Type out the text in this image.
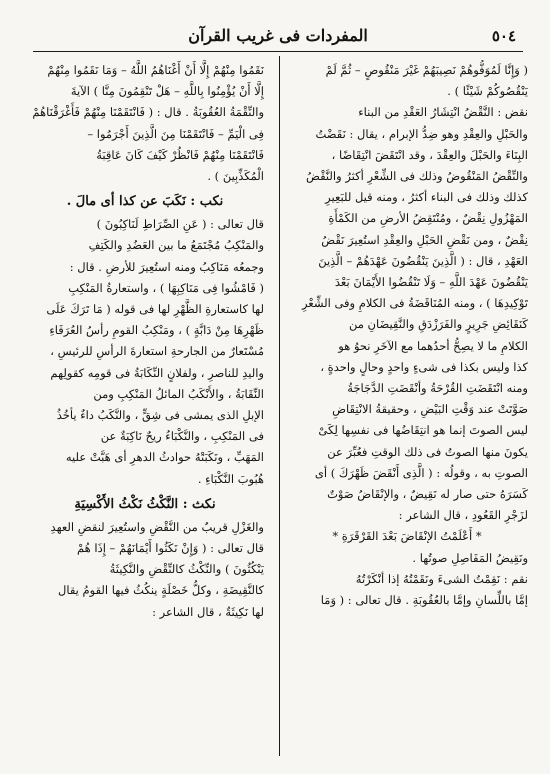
٥٠٤
المفردات فى غريب القرآن

( وَإِنَّا لَمُوَفُّوهُمْ نَصِيبَهُمْ غَيْرَ مَنْقُوصٍ – ثُمَّ لَمْ

يَنْقُصُوكُمْ شَيْئًا ) .

نقض : النَّقْضُ انْتِشَارُ العَقْدِ من البناء

والحَبْلِ والعِقْدِ وهو ضِدُّ الإبرام ، يقال : نَقَضْتُ

البِنَاءَ والحَبْلَ والعِقْدَ ، وقد انْتَقَضَ انْتِقَاضًا ،

والنِّقْضُ المَنْقُوضُ وذلك فى الشِّعْرِ أكثرُ والنَّقْضُ

كذلك وذلك فى البناء أكثرُ ، ومنه قيل للبَعِيرِ

المَهْزُولِ نِقْضٌ ، ومُنْتَقِضُ الأرضِ من الكَمْأَةِ

نِقْضٌ ، ومن نَقْضِ الحَبْلِ والعِقْدِ استُعِيرَ نَقْضُ

العَهْدِ ، قال : ( الَّذِينَ يَنْقُضُونَ عَهْدَهُمْ – الَّذِينَ

يَنْقُضُونَ عَهْدَ اللَّهِ – وَلَا تَنْقُضُوا الأَيْمَانَ بَعْدَ

تَوْكِيدِهَا ) ، ومنه المُنَاقَضَةُ فى الكلامِ وفى الشِّعْرِ

كَنَقَائِضِ جَرِيرٍ والفَرَزْدَقِ والنَّقِيضَانِ من

الكلامِ ما لا يصِحُّ أحدُهما مع الآخَرِ نحوُ هو

كذا وليس بكذا فى شىءٍ واحدٍ وحالٍ واحدةٍ ،

ومنه انْتَقَضَتِ القُرْحَةُ وأنْقَضَتِ الدَّجَاجَةُ

صَوَّتَتْ عند وَقْتِ البَيْضِ ، وحقيقةُ الانْتِقَاضِ

ليس الصوتَ إنما هو انتِقَاضُها فى نفسِها لِكَىْ

يكونَ منها الصوتُ فى ذلك الوقتِ فعُبِّرَ عن

الصوتِ به ، وقولُه : ( الَّذِى أَنْقَضَ ظَهْرَكَ ) أى

كَسَرَهُ حتى صار له نَقِيضٌ ، والإنْقَاضُ صَوْتٌ

لزَجْرِ القَعُودِ ، قال الشاعر :

* أَعْلَمْتُ الإنْقَاضَ بَعْدَ القَرْقَرَةِ *

ونَقِيضُ المَفَاصِلِ صوتُها .

نقم : نَقِمْتُ الشىءَ ونَقَمْتُهُ إذا أنْكَرْتُهُ

إمَّا باللِّسانِ وإمَّا بالعُقُوبَةِ . قال تعالى : ( وَمَا

نَقَمُوا مِنْهُمْ إِلَّا أَنْ أَغْنَاهُمُ اللَّهُ – وَمَا نَقَمُوا مِنْهُمْ

إِلَّا أَنْ يُؤْمِنُوا بِاللَّهِ – هَلْ تَنْقِمُونَ مِنَّا ) الآيةَ

والنِّقْمَةُ العُقُوبَةُ . قال : ( فَانْتَقَمْنَا مِنْهُمْ فَأَغْرَقْنَاهُمْ

فِى الْيَمِّ – فَانْتَقَمْنَا مِنَ الَّذِينَ أَجْرَمُوا –

فَانْتَقَمْنَا مِنْهُمْ فَانْظُرْ كَيْفَ كَانَ عَاقِبَةُ

الْمُكَذِّبِينَ ) .

نكب : نَكَبَ عن كذا أى مالَ .

قال تعالى : ( عَنِ الصِّرَاطِ لَنَاكِبُونَ )

والمَنْكِبُ مُجْتَمَعُ ما بين العَضُدِ والكَتِفِ

وجمعُه مَنَاكِبُ ومنه استُعِيرَ للأرضِ . قال :

( فَامْشُوا فِى مَنَاكِبِهَا ) ، واستعارةُ المَنْكِبِ

لها كاستعارةِ الظَّهْرِ لها فى قوله ( مَا تَرَكَ عَلَى

ظَهْرِهَا مِنْ دَابَّةٍ ) ، ومَنْكِبُ القومِ رأسُ العُرَفَاءِ

مُسْتَعارٌ من الجارحةِ استعارةَ الرأسِ للرئيسِ ،

واليدِ للناصرِ ، ولفلانٍ النِّكَابَةُ فى قومِه كقولِهم

النِّقَابَةُ ، والأَنْكَبُ المائلُ المَنْكِبِ ومن

الإبلِ الذى يمشى فى شِقٍّ ، والنَّكَبُ داءٌ يأخُذُ

فى المَنْكِبِ ، والنَّكْبَاءُ ريحٌ نَاكِبَةٌ عن

المَهَبِّ ، ونَكَبَتْهُ حوادثُ الدهرِ أى هَبَّتْ عليه

هُبُوبَ النَّكْبَاءِ .

نكث : النَّكْثُ نَكْثُ الأَكْسِيَةِ

والغَزْلِ قريبٌ من النَّقْضِ واستُعِيرَ لنقضِ العهدِ

قال تعالى : ( وَإِنْ نَكَثُوا أَيْمَانَهُمْ – إِذَا هُمْ

يَنْكُثُونَ ) والنِّكْثُ كالنِّقْضِ والنَّكِيثَةُ

كالنَّقِيضَةِ ، وكلُّ خَصْلَةٍ ينكُثُ فيها القومُ يقال

لها نَكِيثَةٌ ، قال الشاعر :
